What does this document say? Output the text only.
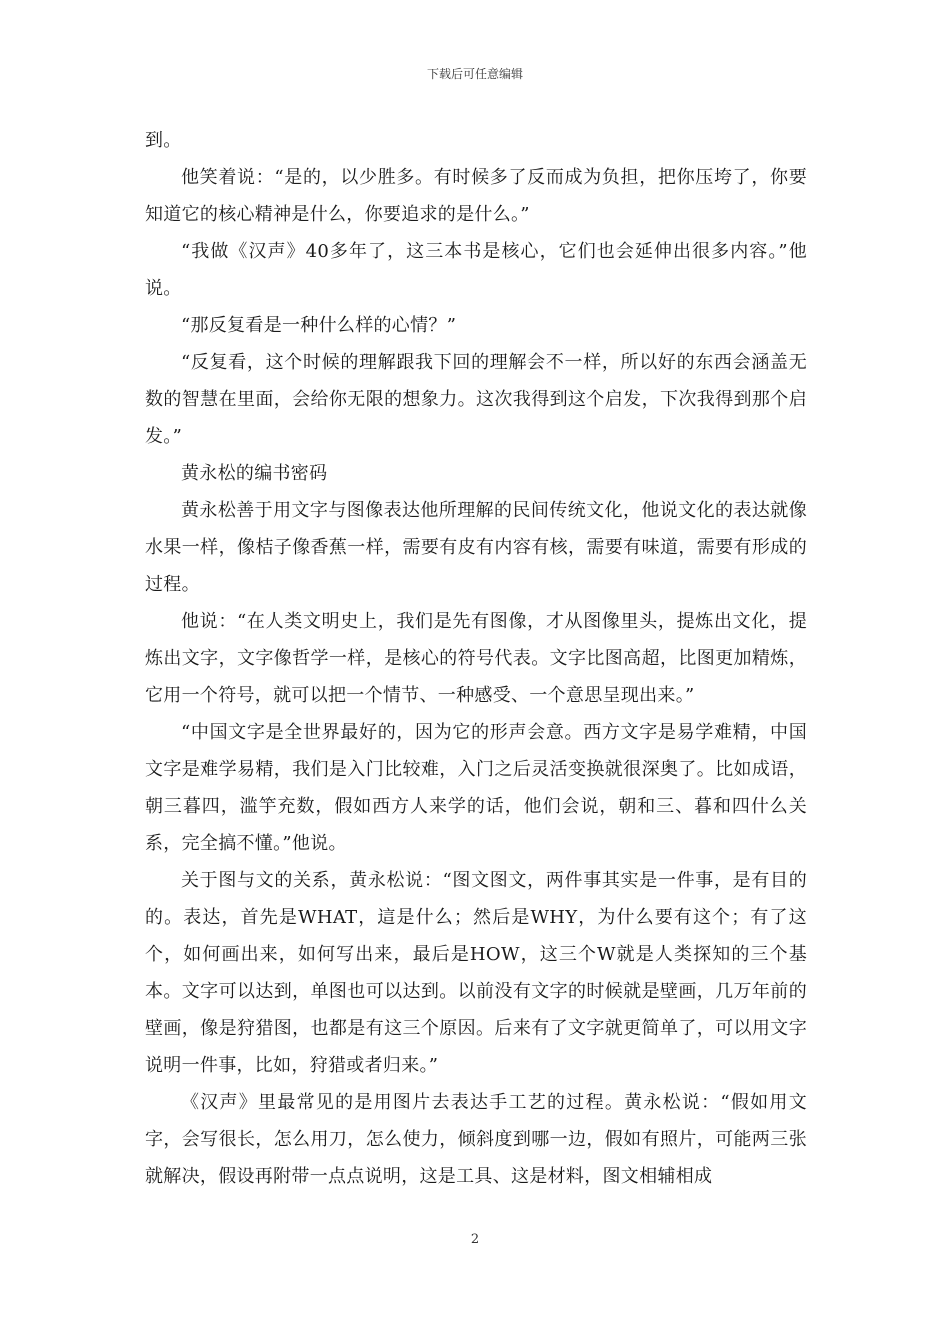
下载后可任意编辑

到。

他笑着说：“是的，以少胜多。有时候多了反而成为负担，把你压垮了，你要知道它的核心精神是什么，你要追求的是什么。”

“我做《汉声》40多年了，这三本书是核心，它们也会延伸出很多内容。”他说。

“那反复看是一种什么样的心情？”

“反复看，这个时候的理解跟我下回的理解会不一样，所以好的东西会涵盖无数的智慧在里面，会给你无限的想象力。这次我得到这个启发，下次我得到那个启发。”

黄永松的编书密码

黄永松善于用文字与图像表达他所理解的民间传统文化，他说文化的表达就像水果一样，像桔子像香蕉一样，需要有皮有内容有核，需要有味道，需要有形成的过程。

他说：“在人类文明史上，我们是先有图像，才从图像里头，提炼出文化，提炼出文字，文字像哲学一样，是核心的符号代表。文字比图高超，比图更加精炼，它用一个符号，就可以把一个情节、一种感受、一个意思呈现出来。”

“中国文字是全世界最好的，因为它的形声会意。西方文字是易学难精，中国文字是难学易精，我们是入门比较难，入门之后灵活变换就很深奥了。比如成语，朝三暮四，滥竽充数，假如西方人来学的话，他们会说，朝和三、暮和四什么关系，完全搞不懂。”他说。

关于图与文的关系，黄永松说：“图文图文，两件事其实是一件事，是有目的的。表达，首先是WHAT，這是什么；然后是WHY，为什么要有这个；有了这个，如何画出来，如何写出来，最后是HOW，这三个W就是人类探知的三个基本。文字可以达到，单图也可以达到。以前没有文字的时候就是壁画，几万年前的壁画，像是狩猎图，也都是有这三个原因。后来有了文字就更简单了，可以用文字说明一件事，比如，狩猎或者归来。”

《汉声》里最常见的是用图片去表达手工艺的过程。黄永松说：“假如用文字，会写很长，怎么用刀，怎么使力，倾斜度到哪一边，假如有照片，可能两三张就解决，假设再附带一点点说明，这是工具、这是材料，图文相辅相成

2
